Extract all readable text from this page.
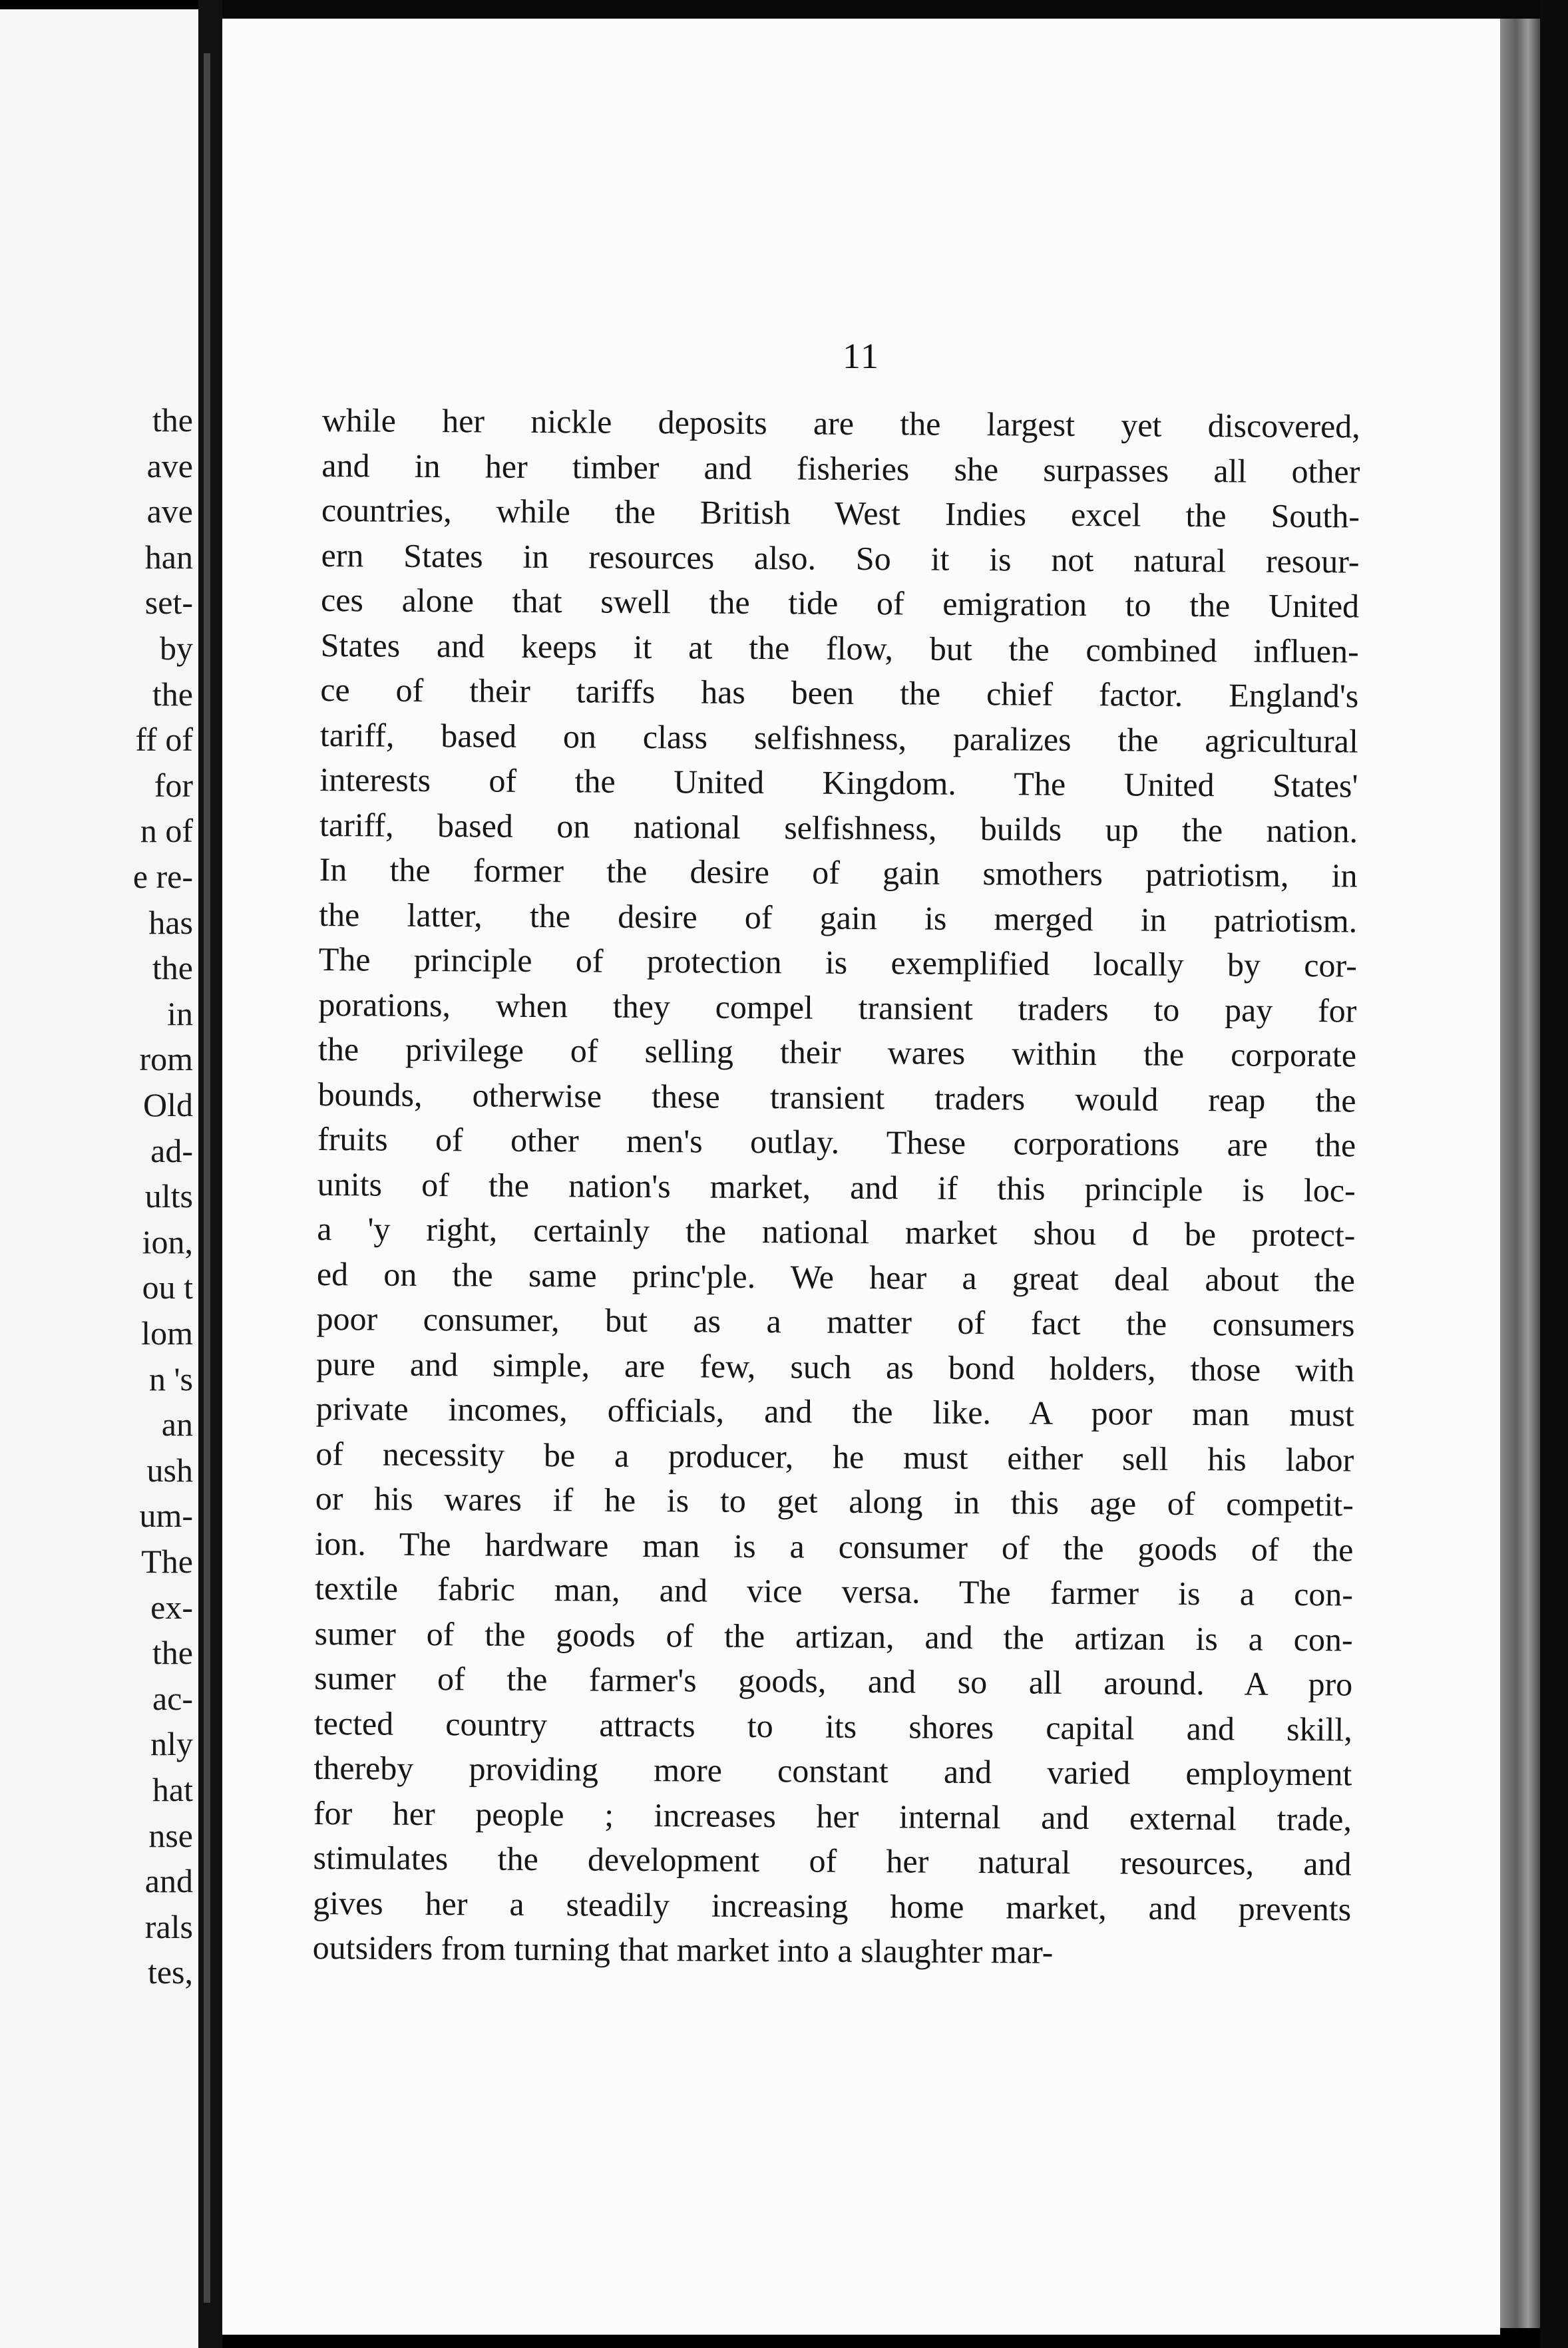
the
ave
ave
han
set-
by
the
ff of
for
n of
e re-
has
the
in
rom
Old
ad-
ults
ion,
ou t
lom
n 's
an
ush
um-
The
ex-
the
ac-
nly
hat
nse
and
rals
tes,
11
while her nickle deposits are the largest yet discovered,
and in her timber and fisheries she surpasses all other
countries, while the British West Indies excel the South-
ern States in resources also. So it is not natural resour-
ces alone that swell the tide of emigration to the United
States and keeps it at the flow, but the combined influen-
ce of their tariffs has been the chief factor. England's
tariff, based on class selfishness, paralizes the agricultural
interests of the United Kingdom. The United States'
tariff, based on national selfishness, builds up the nation.
In the former the desire of gain smothers patriotism, in
the latter, the desire of gain is merged in patriotism.
The principle of protection is exemplified locally by cor-
porations, when they compel transient traders to pay for
the privilege of selling their wares within the corporate
bounds, otherwise these transient traders would reap the
fruits of other men's outlay. These corporations are the
units of the nation's market, and if this principle is loc-
a 'y right, certainly the national market shou d be protect-
ed on the same princ'ple. We hear a great deal about the
poor consumer, but as a matter of fact the consumers
pure and simple, are few, such as bond holders, those with
private incomes, officials, and the like. A poor man must
of necessity be a producer, he must either sell his labor
or his wares if he is to get along in this age of competit-
ion. The hardware man is a consumer of the goods of the
textile fabric man, and vice versa. The farmer is a con-
sumer of the goods of the artizan, and the artizan is a con-
sumer of the farmer's goods, and so all around. A pro
tected country attracts to its shores capital and skill,
thereby providing more constant and varied employment
for her people ; increases her internal and external trade,
stimulates the development of her natural resources, and
gives her a steadily increasing home market, and prevents
outsiders from turning that market into a slaughter mar-
